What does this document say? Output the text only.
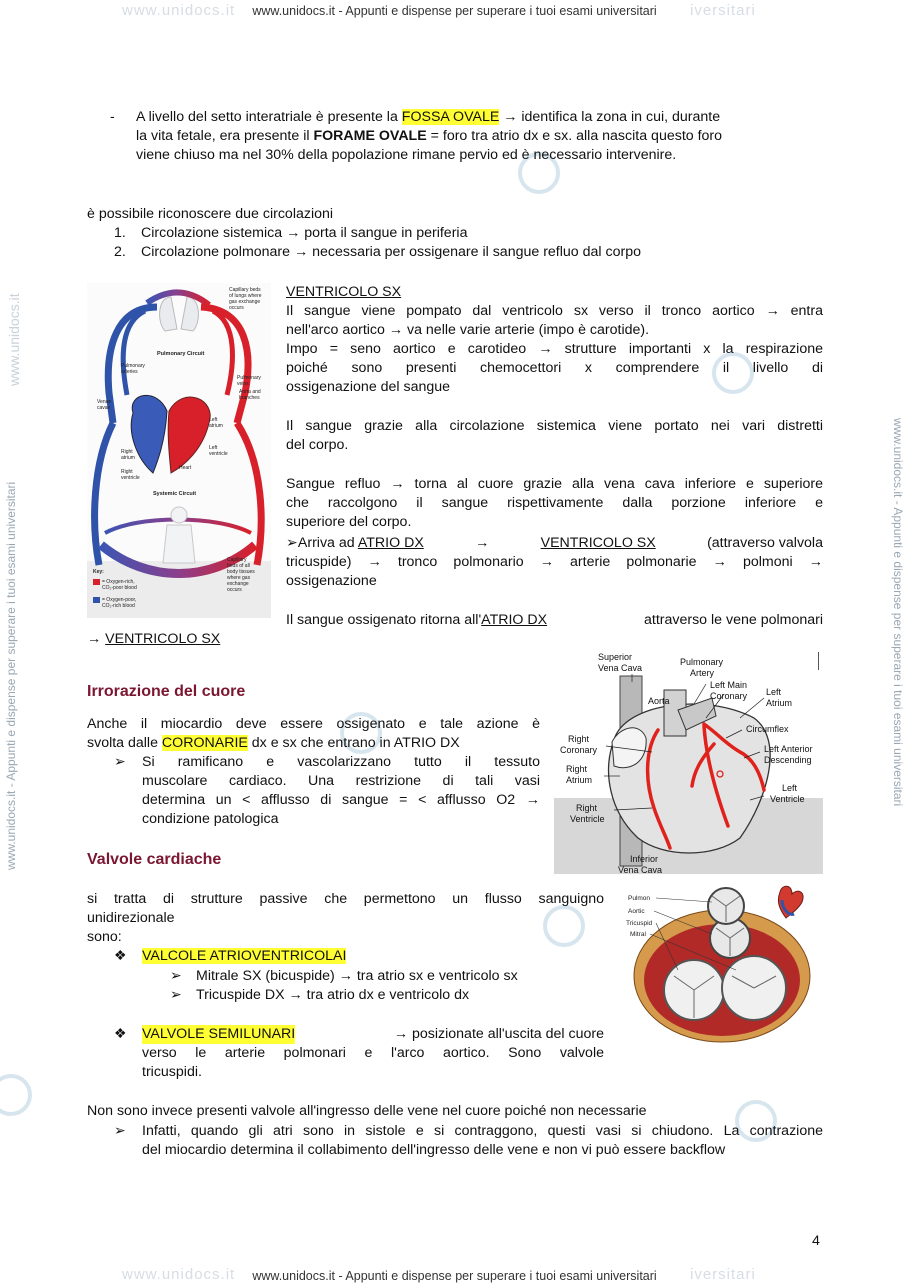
www.unidocs.it	iversitari
www.unidocs.it - Appunti e dispense per superare i tuoi esami universitari
www.unidocs.it	iversitari
www.unidocs.it - Appunti e dispense per superare i tuoi esami universitari
www.unidocs.it - Appunti e dispense per superare i tuoi esami universitari	www.unidocs.it - Appunti e dispense per superare i tuoi esami universitari
www.unidocs.it
- A livello del setto interatriale è presente la FOSSA OVALE → identifica la zona in cui, durante
la vita fetale, era presente il FORAME OVALE = foro tra atrio dx e sx. alla nascita questo foro
viene chiuso ma nel 30% della popolazione rimane pervio ed è necessario intervenire.
è possibile riconoscere due circolazioni
1. Circolazione sistemica → porta il sangue in periferia
2. Circolazione polmonare → necessaria per ossigenare il sangue refluo dal corpo
Capillary beds
of lungs where
gas exchange
occurs
Pulmonary Circuit
Pulmonary
arteries
Pulmonary
veins
Aorta and
branches
Venae
cavae
Left
atrium
Left
ventricle
Right
atrium
Right
ventricle
Heart
Systemic Circuit
Capillary
beds of all
body tissues
where gas
exchange
occurs
Key:
= Oxygen-rich,
CO₂-poor blood
= Oxygen-poor,
CO₂-rich blood
VENTRICOLO SX
Il sangue viene pompato dal ventricolo sx verso il tronco aortico → entra
nell'arco aortico → va nelle varie arterie (impo è carotide).
Impo = seno aortico e carotideo → strutture importanti x la respirazione
poiché sono presenti chemocettori x comprendere il livello di
ossigenazione del sangue
Il sangue grazie alla circolazione sistemica viene portato nei vari distretti
del corpo.
Sangue refluo → torna al cuore grazie alla vena cava inferiore e superiore
che raccolgono il sangue rispettivamente dalla porzione inferiore e
superiore del corpo.
➢Arriva ad ATRIO DX	→	VENTRICOLO SX	(attraverso valvola
tricuspide) → tronco polmonario → arterie polmonarie → polmoni →
ossigenazione
Il sangue ossigenato ritorna all' ATRIO DX	attraverso le vene polmonari
→ VENTRICOLO SX
Irrorazione del cuore
Anche il miocardio deve essere ossigenato e tale azione è
svolta dalle CORONARIE dx e sx che entrano in ATRIO DX
➢ Si ramificano e vascolarizzano tutto il tessuto
muscolare cardiaco. Una restrizione di tali vasi
determina un < afflusso di sangue = < afflusso O2 →
condizione patologica
Superior
Vena Cava
Pulmonary
Artery
Left Main
Coronary Left
Atrium
Aorta
Circumflex
Right
Coronary	Left Anterior
Descending
Right
Atrium
Left
Ventricle
Right
Ventricle
Inferior
Vena Cava
Valvole cardiache
si tratta di strutture passive che permettono un flusso sanguigno
unidirezionale
sono:
❖ VALCOLE ATRIOVENTRICOLAI
➢ Mitrale SX (bicuspide) → tra atrio sx e ventricolo sx
➢ Tricuspide DX → tra atrio dx e ventricolo dx
❖ VALVOLE SEMILUNARI	→ posizionate all'uscita del cuore
verso le arterie polmonari e l'arco aortico. Sono valvole
tricuspidi.
Pulmon
Aortic
Tricuspid
Mitral
Non sono invece presenti valvole all'ingresso delle vene nel cuore poiché non necessarie
➢ Infatti, quando gli atri sono in sistole e si contraggono, questi vasi si chiudono. La contrazione
del miocardio determina il collabimento dell'ingresso delle vene e non vi può essere backflow
4
